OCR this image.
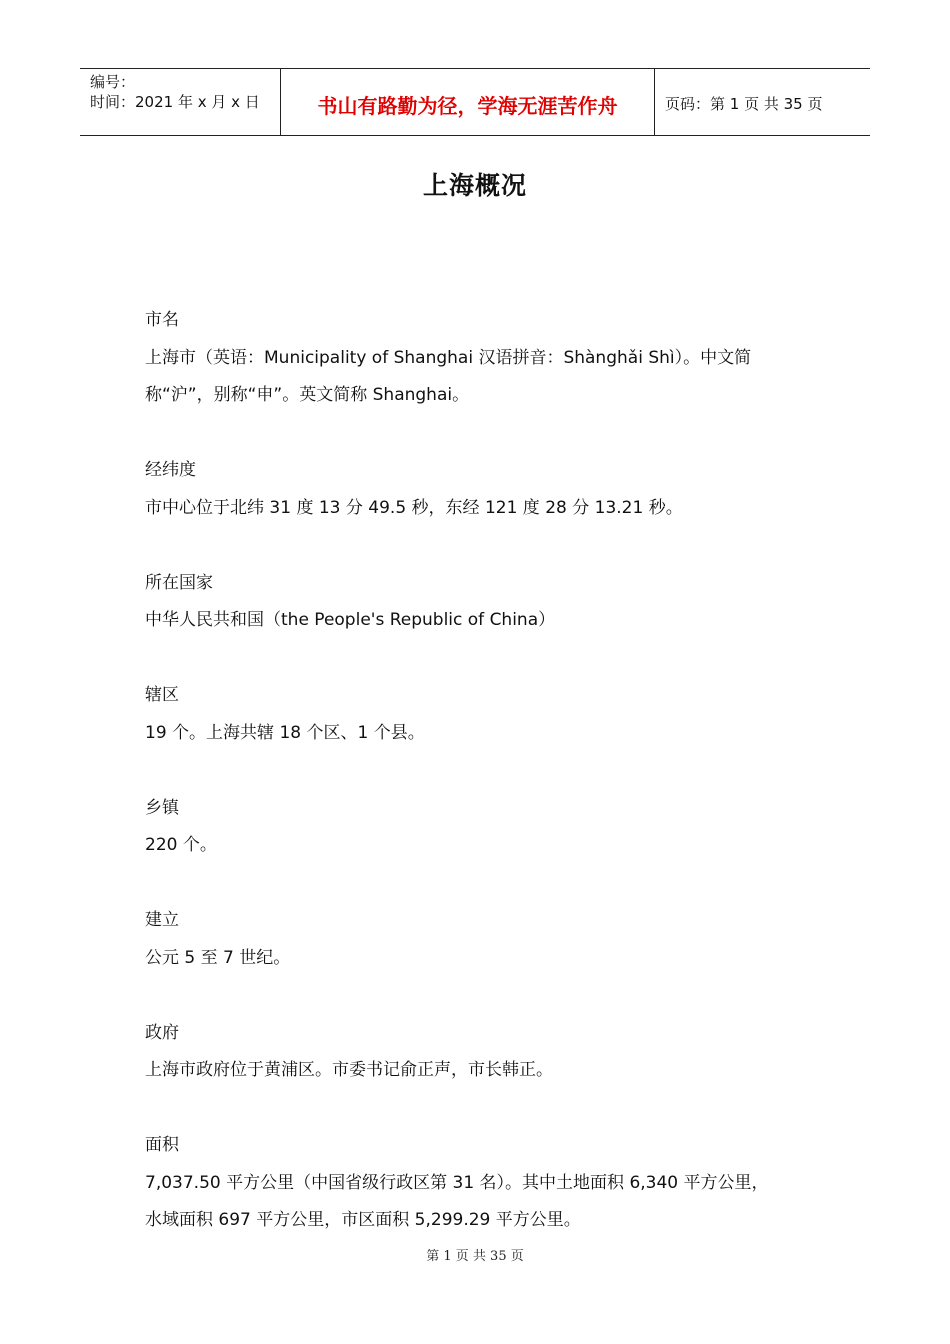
编号：
时间：2021 年 x 月 x 日	书山有路勤为径，学海无涯苦作舟	页码：第 1 页 共 35 页
上海概况

市名

上海市（英语：Municipality of Shanghai 汉语拼音：Shànghǎi Shì）。中文简

称“沪”，别称“申”。英文简称 Shanghai。

经纬度

市中心位于北纬 31 度 13 分 49.5 秒，东经 121 度 28 分 13.21 秒。

所在国家

中华人民共和国（the People's Republic of China）

辖区

19 个。上海共辖 18 个区、1 个县。

乡镇

220 个。

建立

公元 5 至 7 世纪。

政府

上海市政府位于黄浦区。市委书记俞正声，市长韩正。

面积

7,037.50 平方公里（中国省级行政区第 31 名）。其中土地面积 6,340 平方公里，

水域面积 697 平方公里，市区面积 5,299.29 平方公里。

第 1 页 共 35 页
